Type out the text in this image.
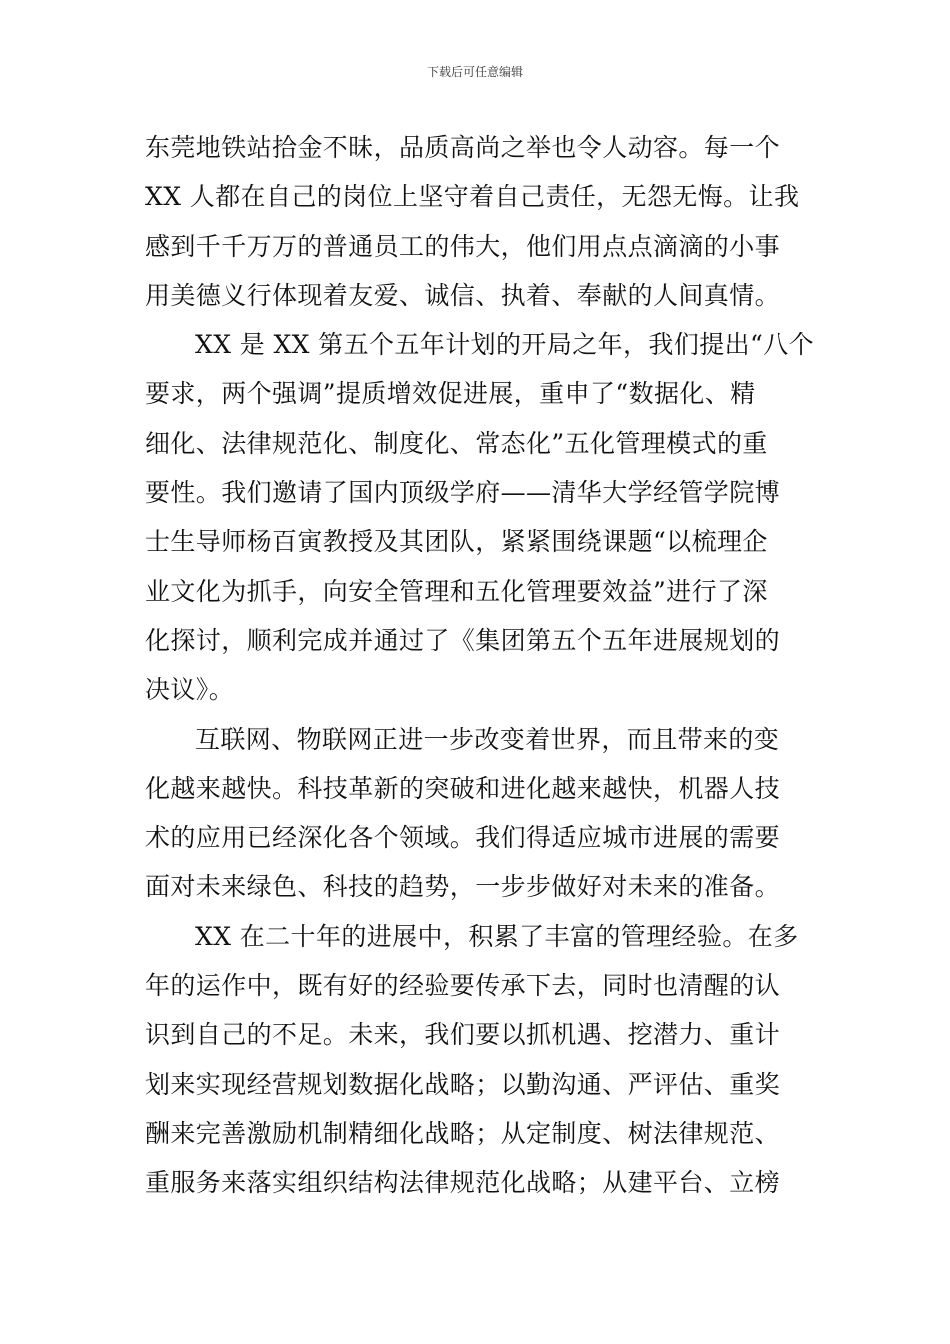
下载后可任意编辑
东莞地铁站拾金不昧，品质高尚之举也令人动容。每一个
XX 人都在自己的岗位上坚守着自己责任，无怨无悔。让我
感到千千万万的普通员工的伟大，他们用点点滴滴的小事
用美德义行体现着友爱、诚信、执着、奉献的人间真情。
XX 是 XX 第五个五年计划的开局之年，我们提出“八个
要求，两个强调”提质增效促进展，重申了“数据化、精
细化、法律规范化、制度化、常态化”五化管理模式的重
要性。我们邀请了国内顶级学府——清华大学经管学院博
士生导师杨百寅教授及其团队，紧紧围绕课题“以梳理企
业文化为抓手，向安全管理和五化管理要效益”进行了深
化探讨，顺利完成并通过了《集团第五个五年进展规划的
决议》。
互联网、物联网正进一步改变着世界，而且带来的变
化越来越快。科技革新的突破和进化越来越快，机器人技
术的应用已经深化各个领域。我们得适应城市进展的需要
面对未来绿色、科技的趋势，一步步做好对未来的准备。
XX 在二十年的进展中，积累了丰富的管理经验。在多
年的运作中，既有好的经验要传承下去，同时也清醒的认
识到自己的不足。未来，我们要以抓机遇、挖潜力、重计
划来实现经营规划数据化战略；以勤沟通、严评估、重奖
酬来完善激励机制精细化战略；从定制度、树法律规范、
重服务来落实组织结构法律规范化战略；从建平台、立榜
